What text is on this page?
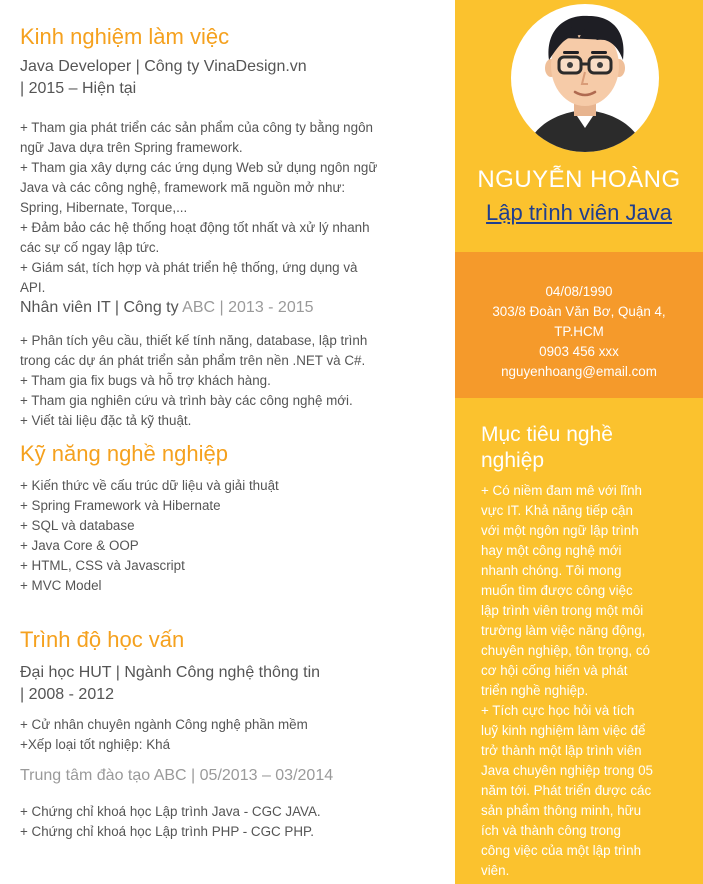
Kinh nghiệm làm việc
Java Developer | Công ty VinaDesign.vn
| 2015 – Hiện tại
+ Tham gia phát triển các sản phẩm của công ty bằng ngôn
ngữ Java dựa trên Spring framework.
+ Tham gia xây dựng các ứng dụng Web sử dụng ngôn ngữ
Java và các công nghệ, framework mã nguồn mở như:
Spring, Hibernate, Torque,...
+ Đảm bảo các hệ thống hoạt động tốt nhất và xử lý nhanh
các sự cố ngay lập tức.
+ Giám sát, tích hợp và phát triển hệ thống, ứng dụng và
API.
Nhân viên IT | Công ty ABC | 2013 - 2015
+ Phân tích yêu cầu, thiết kế tính năng, database, lập trình
trong các dự án phát triển sản phẩm trên nền .NET và C#.
+ Tham gia fix bugs và hỗ trợ khách hàng.
+ Tham gia nghiên cứu và trình bày các công nghệ mới.
+ Viết tài liệu đặc tả kỹ thuật.
Kỹ năng nghề nghiệp
+ Kiến thức về cấu trúc dữ liệu và giải thuật
+ Spring Framework và Hibernate
+ SQL và database
+ Java Core & OOP
+ HTML, CSS và Javascript
+ MVC Model
Trình độ học vấn
Đại học HUT | Ngành Công nghệ thông tin
| 2008 - 2012
+ Cử nhân chuyên ngành Công nghệ phần mềm
+Xếp loại tốt nghiệp: Khá
Trung tâm đào tạo ABC | 05/2013 – 03/2014
+ Chứng chỉ khoá học Lập trình Java - CGC JAVA.
+ Chứng chỉ khoá học Lập trình PHP - CGC PHP.
NGUYỄN HOÀNG
Lập trình viên Java
04/08/1990
303/8 Đoàn Văn Bơ, Quận 4,
TP.HCM
0903 456 xxx
nguyenhoang@email.com
Mục tiêu nghề
nghiệp
+ Có niềm đam mê với lĩnh
vực IT. Khả năng tiếp cận
với một ngôn ngữ lập trình
hay một công nghệ mới
nhanh chóng. Tôi mong
muốn tìm được công việc
lập trình viên trong một môi
trường làm việc năng động,
chuyên nghiệp, tôn trọng, có
cơ hội cống hiến và phát
triển nghề nghiệp.
+ Tích cực học hỏi và tích
luỹ kinh nghiệm làm việc để
trở thành một lập trình viên
Java chuyên nghiệp trong 05
năm tới. Phát triển được các
sản phẩm thông minh, hữu
ích và thành công trong
công việc của một lập trình
viên.
